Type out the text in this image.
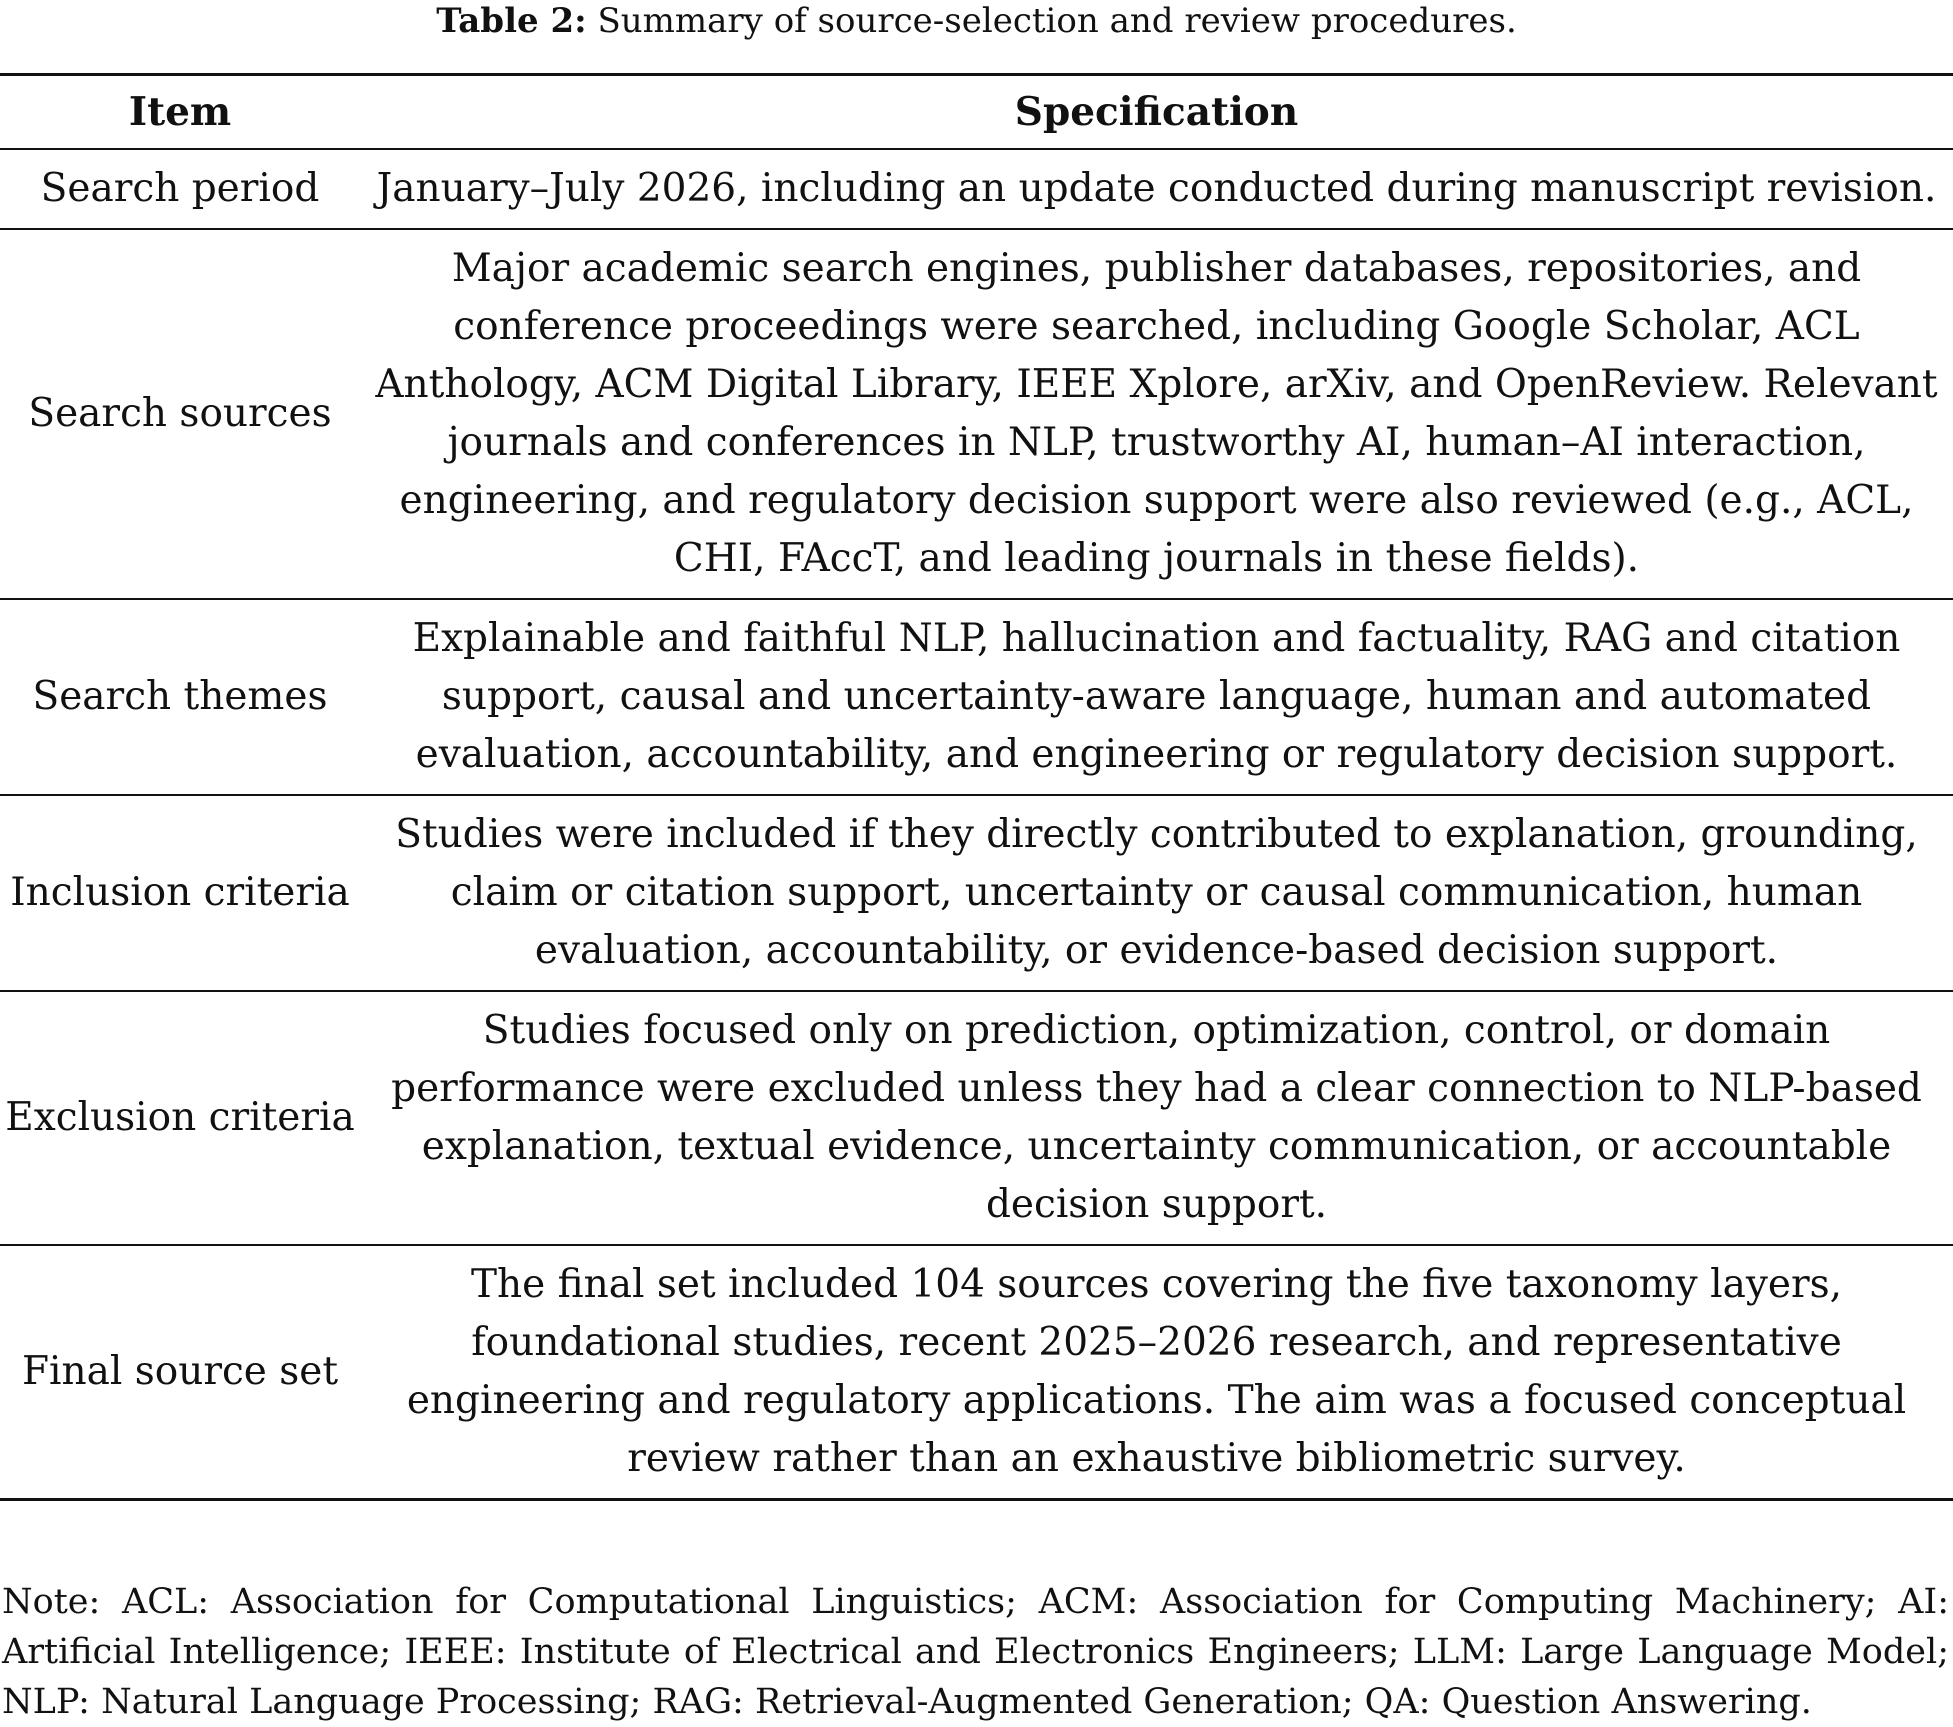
Table 2: Summary of source-selection and review procedures.
Item	Specification
Search period	January–July 2026, including an update conducted during manuscript revision.
Search sources	Major academic search engines, publisher databases, repositories, and conference proceedings were searched, including Google Scholar, ACL Anthology, ACM Digital Library, IEEE Xplore, arXiv, and OpenReview. Relevant journals and conferences in NLP, trustworthy AI, human–AI interaction, engineering, and regulatory decision support were also reviewed (e.g., ACL, CHI, FAccT, and leading journals in these fields).
Search themes	Explainable and faithful NLP, hallucination and factuality, RAG and citation support, causal and uncertainty-aware language, human and automated evaluation, accountability, and engineering or regulatory decision support.
Inclusion criteria	Studies were included if they directly contributed to explanation, grounding, claim or citation support, uncertainty or causal communication, human evaluation, accountability, or evidence-based decision support.
Exclusion criteria	Studies focused only on prediction, optimization, control, or domain performance were excluded unless they had a clear connection to NLP-based explanation, textual evidence, uncertainty communication, or accountable decision support.
Final source set	The final set included 104 sources covering the five taxonomy layers, foundational studies, recent 2025–2026 research, and representative engineering and regulatory applications. The aim was a focused conceptual review rather than an exhaustive bibliometric survey.
Note: ACL: Association for Computational Linguistics; ACM: Association for Computing Machinery; AI: Artificial Intelligence; IEEE: Institute of Electrical and Electronics Engineers; LLM: Large Language Model; NLP: Natural Language Processing; RAG: Retrieval-Augmented Generation; QA: Question Answering.
